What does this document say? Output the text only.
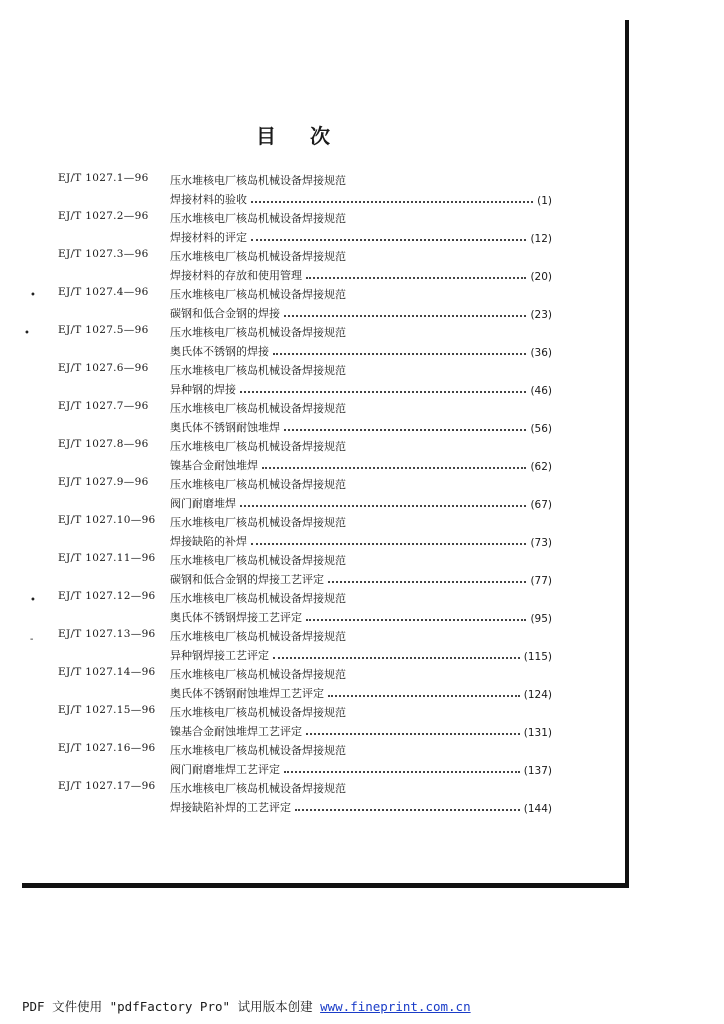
目次
EJ/T 1027.1—96	压水堆核电厂核岛机械设备焊接规范
焊接材料的验收	(1)
EJ/T 1027.2—96	压水堆核电厂核岛机械设备焊接规范
焊接材料的评定	(12)
EJ/T 1027.3—96	压水堆核电厂核岛机械设备焊接规范
焊接材料的存放和使用管理	(20)
EJ/T 1027.4—96	压水堆核电厂核岛机械设备焊接规范
碳钢和低合金钢的焊接	(23)
EJ/T 1027.5—96	压水堆核电厂核岛机械设备焊接规范
奥氏体不锈钢的焊接	(36)
EJ/T 1027.6—96	压水堆核电厂核岛机械设备焊接规范
异种钢的焊接	(46)
EJ/T 1027.7—96	压水堆核电厂核岛机械设备焊接规范
奥氏体不锈钢耐蚀堆焊	(56)
EJ/T 1027.8—96	压水堆核电厂核岛机械设备焊接规范
镍基合金耐蚀堆焊	(62)
EJ/T 1027.9—96	压水堆核电厂核岛机械设备焊接规范
阀门耐磨堆焊	(67)
EJ/T 1027.10—96	压水堆核电厂核岛机械设备焊接规范
焊接缺陷的补焊	(73)
EJ/T 1027.11—96	压水堆核电厂核岛机械设备焊接规范
碳钢和低合金钢的焊接工艺评定	(77)
EJ/T 1027.12—96	压水堆核电厂核岛机械设备焊接规范
奥氏体不锈钢焊接工艺评定	(95)
EJ/T 1027.13—96	压水堆核电厂核岛机械设备焊接规范
异种钢焊接工艺评定	(115)
EJ/T 1027.14—96	压水堆核电厂核岛机械设备焊接规范
奥氏体不锈钢耐蚀堆焊工艺评定	(124)
EJ/T 1027.15—96	压水堆核电厂核岛机械设备焊接规范
镍基合金耐蚀堆焊工艺评定	(131)
EJ/T 1027.16—96	压水堆核电厂核岛机械设备焊接规范
阀门耐磨堆焊工艺评定	(137)
EJ/T 1027.17—96	压水堆核电厂核岛机械设备焊接规范
焊接缺陷补焊的工艺评定	(144)
•
•
•
-
PDF 文件使用 "pdfFactory Pro" 试用版本创建 www.fineprint.com.cn
